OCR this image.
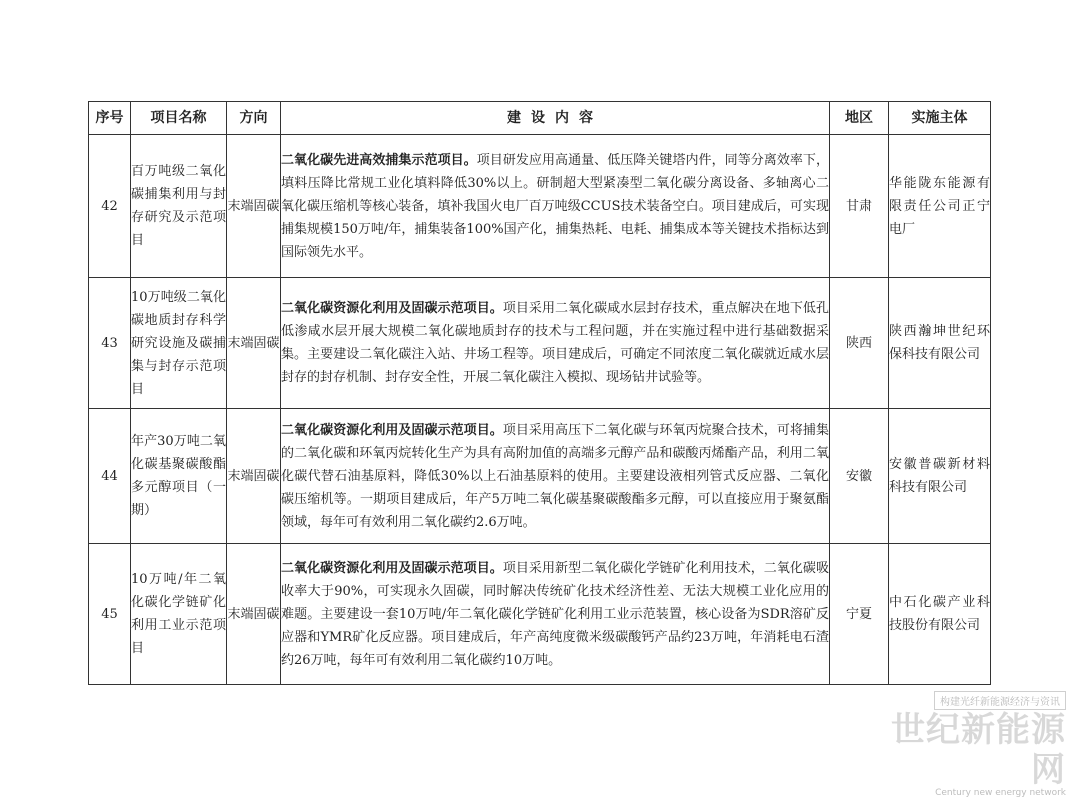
序号	项目名称	方向	建设内容	地区	实施主体
42	百万吨级二氧化碳捕集利用与封存研究及示范项目	末端固碳	二氧化碳先进高效捕集示范项目。项目研发应用高通量、低压降关键塔内件，同等分离效率下，填料压降比常规工业化填料降低30%以上。研制超大型紧凑型二氧化碳分离设备、多轴离心二氧化碳压缩机等核心装备，填补我国火电厂百万吨级CCUS技术装备空白。项目建成后，可实现捕集规模150万吨/年，捕集装备100%国产化，捕集热耗、电耗、捕集成本等关键技术指标达到国际领先水平。	甘肃	华能陇东能源有限责任公司正宁电厂
43	10万吨级二氧化碳地质封存科学研究设施及碳捕集与封存示范项目	末端固碳	二氧化碳资源化利用及固碳示范项目。项目采用二氧化碳咸水层封存技术，重点解决在地下低孔低渗咸水层开展大规模二氧化碳地质封存的技术与工程问题，并在实施过程中进行基础数据采集。主要建设二氧化碳注入站、井场工程等。项目建成后，可确定不同浓度二氧化碳就近咸水层封存的封存机制、封存安全性，开展二氧化碳注入模拟、现场钻井试验等。	陕西	陕西瀚坤世纪环保科技有限公司
44	年产30万吨二氧化碳基聚碳酸酯多元醇项目（一期）	末端固碳	二氧化碳资源化利用及固碳示范项目。项目采用高压下二氧化碳与环氧丙烷聚合技术，可将捕集的二氧化碳和环氧丙烷转化生产为具有高附加值的高端多元醇产品和碳酸丙烯酯产品，利用二氧化碳代替石油基原料，降低30%以上石油基原料的使用。主要建设液相列管式反应器、二氧化碳压缩机等。一期项目建成后，年产5万吨二氧化碳基聚碳酸酯多元醇，可以直接应用于聚氨酯领域，每年可有效利用二氧化碳约2.6万吨。	安徽	安徽普碳新材料科技有限公司
45	10万吨/年二氧化碳化学链矿化利用工业示范项目	末端固碳	二氧化碳资源化利用及固碳示范项目。项目采用新型二氧化碳化学链矿化利用技术，二氧化碳吸收率大于90%，可实现永久固碳，同时解决传统矿化技术经济性差、无法大规模工业化应用的难题。主要建设一套10万吨/年二氧化碳化学链矿化利用工业示范装置，核心设备为SDR溶矿反应器和YMR矿化反应器。项目建成后，年产高纯度微米级碳酸钙产品约23万吨，年消耗电石渣约26万吨，每年可有效利用二氧化碳约10万吨。	宁夏	中石化碳产业科技股份有限公司
构建光纤新能源经济与资讯
世纪新能源网
Century new energy network
